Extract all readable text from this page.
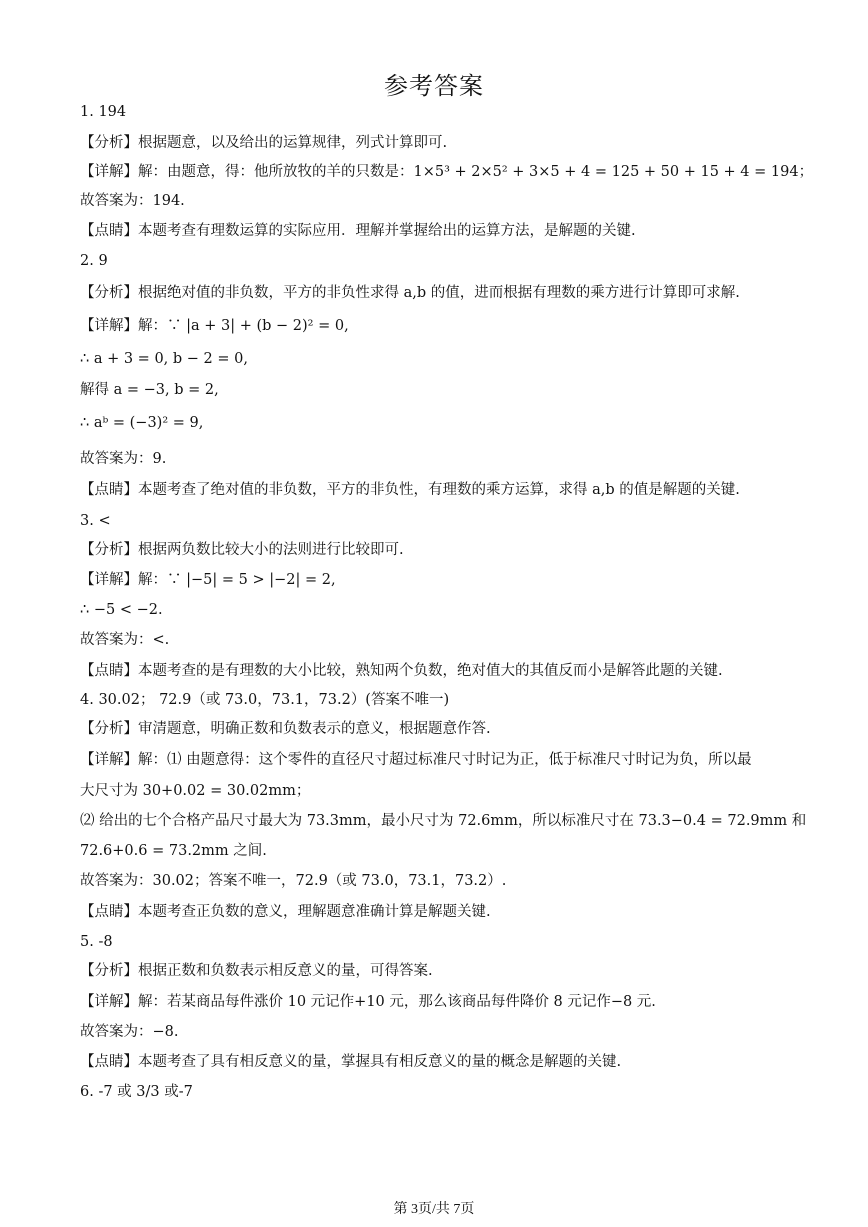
参考答案
1. 194
【分析】根据题意，以及给出的运算规律，列式计算即可.
【详解】解：由题意，得：他所放牧的羊的只数是：1×5³ + 2×5² + 3×5 + 4 = 125 + 50 + 15 + 4 = 194；
故答案为：194.
【点睛】本题考查有理数运算的实际应用．理解并掌握给出的运算方法，是解题的关键.
2. 9
【分析】根据绝对值的非负数，平方的非负性求得 a,b 的值，进而根据有理数的乘方进行计算即可求解.
【详解】解：∵ |a + 3| + (b − 2)² = 0,
∴ a + 3 = 0, b − 2 = 0,
解得 a = −3, b = 2,
∴ aᵇ = (−3)² = 9,
故答案为：9.
【点睛】本题考查了绝对值的非负数，平方的非负性，有理数的乘方运算，求得 a,b 的值是解题的关键.
3. <
【分析】根据两负数比较大小的法则进行比较即可.
【详解】解：∵ |−5| = 5 > |−2| = 2,
∴ −5 < −2.
故答案为：<.
【点睛】本题考查的是有理数的大小比较，熟知两个负数，绝对值大的其值反而小是解答此题的关键.
4. 30.02； 72.9（或 73.0，73.1，73.2）(答案不唯一)
【分析】审清题意，明确正数和负数表示的意义，根据题意作答.
【详解】解：⑴ 由题意得：这个零件的直径尺寸超过标准尺寸时记为正，低于标准尺寸时记为负，所以最
大尺寸为 30+0.02 = 30.02mm；
⑵ 给出的七个合格产品尺寸最大为 73.3mm，最小尺寸为 72.6mm，所以标准尺寸在 73.3−0.4 = 72.9mm 和
72.6+0.6 = 73.2mm 之间.
故答案为：30.02；答案不唯一，72.9（或 73.0，73.1，73.2）.
【点睛】本题考查正负数的意义，理解题意准确计算是解题关键.
5. -8
【分析】根据正数和负数表示相反意义的量，可得答案.
【详解】解：若某商品每件涨价 10 元记作+10 元，那么该商品每件降价 8 元记作−8 元.
故答案为：−8.
【点睛】本题考查了具有相反意义的量，掌握具有相反意义的量的概念是解题的关键.
6. -7 或 3/3 或-7
第 3页/共 7页
